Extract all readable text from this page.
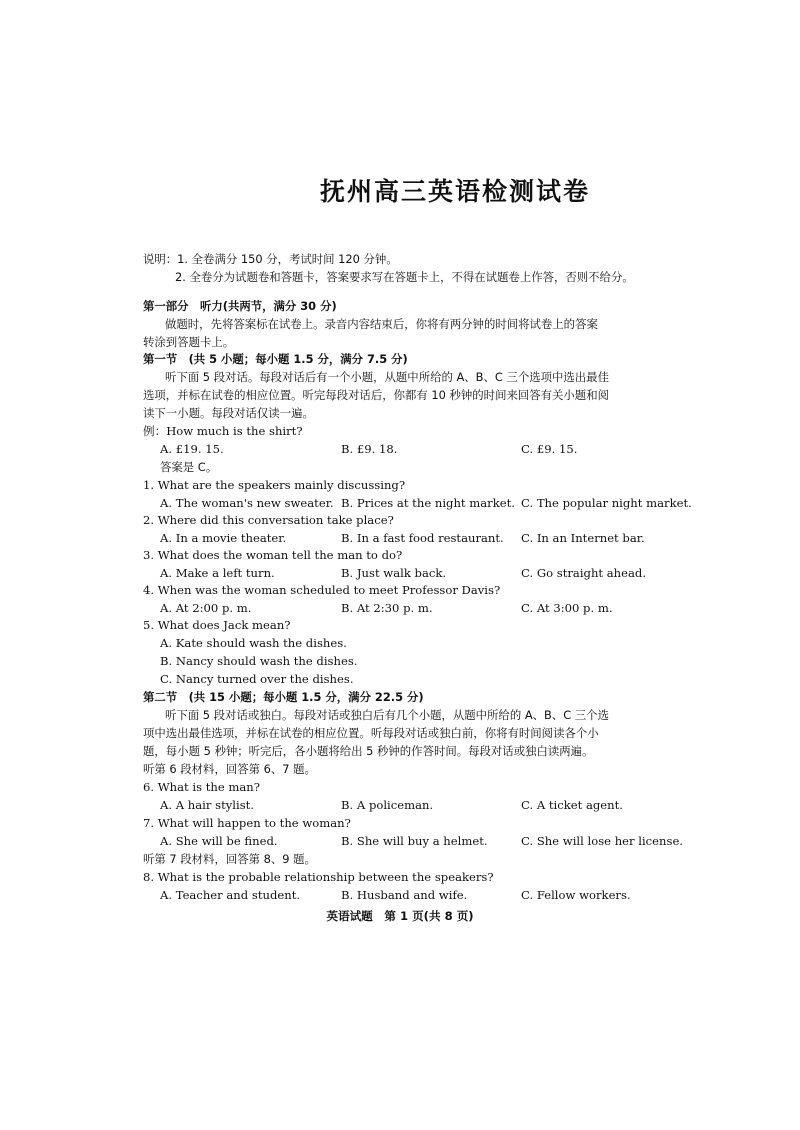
抚州高三英语检测试卷
说明：1. 全卷满分 150 分，考试时间 120 分钟。
2. 全卷分为试题卷和答题卡，答案要求写在答题卡上，不得在试题卷上作答，否则不给分。
第一部分　听力(共两节，满分 30 分)
做题时，先将答案标在试卷上。录音内容结束后，你将有两分钟的时间将试卷上的答案
转涂到答题卡上。
第一节　(共 5 小题；每小题 1.5 分，满分 7.5 分)
听下面 5 段对话。每段对话后有一个小题，从题中所给的 A、B、C 三个选项中选出最佳
选项，并标在试卷的相应位置。听完每段对话后，你都有 10 秒钟的时间来回答有关小题和阅
读下一小题。每段对话仅读一遍。
例：How much is the shirt?
A. £19. 15.	B. £9. 18.	C. £9. 15.
答案是 C。
1. What are the speakers mainly discussing?
A. The woman's new sweater. B. Prices at the night market. C. The popular night market.
2. Where did this conversation take place?
A. In a movie theater.	B. In a fast food restaurant. C. In an Internet bar.
3. What does the woman tell the man to do?
A. Make a left turn.	B. Just walk back.	C. Go straight ahead.
4. When was the woman scheduled to meet Professor Davis?
A. At 2:00 p. m.	B. At 2:30 p. m.	C. At 3:00 p. m.
5. What does Jack mean?
A. Kate should wash the dishes.
B. Nancy should wash the dishes.
C. Nancy turned over the dishes.
第二节　(共 15 小题；每小题 1.5 分，满分 22.5 分)
听下面 5 段对话或独白。每段对话或独白后有几个小题，从题中所给的 A、B、C 三个选
项中选出最佳选项，并标在试卷的相应位置。听每段对话或独白前，你将有时间阅读各个小
题，每小题 5 秒钟；听完后，各小题将给出 5 秒钟的作答时间。每段对话或独白读两遍。
听第 6 段材料，回答第 6、7 题。
6. What is the man?
A. A hair stylist.	B. A policeman.	C. A ticket agent.
7. What will happen to the woman?
A. She will be fined.	B. She will buy a helmet.	C. She will lose her license.
听第 7 段材料，回答第 8、9 题。
8. What is the probable relationship between the speakers?
A. Teacher and student.	B. Husband and wife.	C. Fellow workers.
英语试题　第 1 页(共 8 页)
